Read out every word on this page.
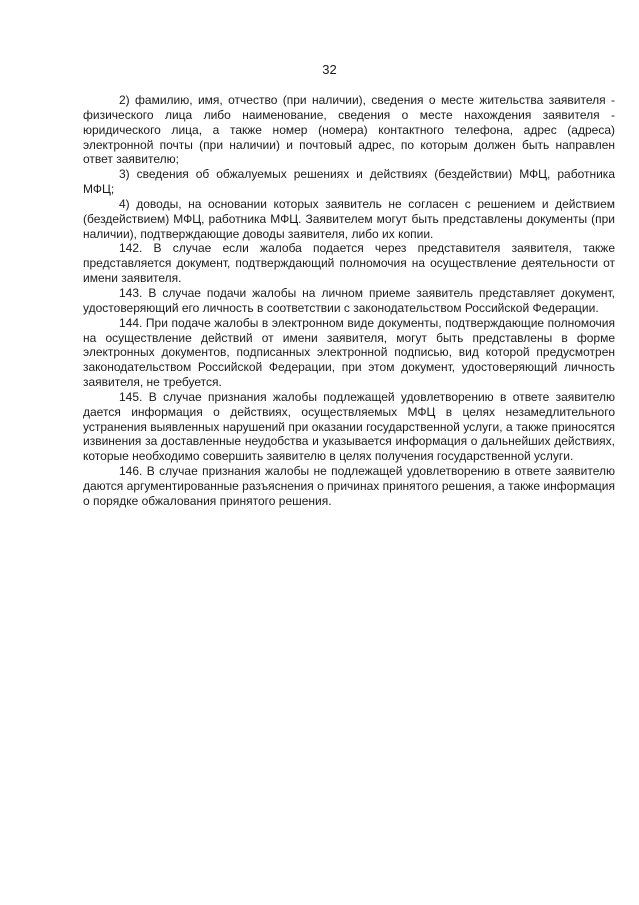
32

2) фамилию, имя, отчество (при наличии), сведения о месте жительства заявителя - физического лица либо наименование, сведения о месте нахождения заявителя - юридического лица, а также номер (номера) контактного телефона, адрес (адреса) электронной почты (при наличии) и почтовый адрес, по которым должен быть направлен ответ заявителю;

3) сведения об обжалуемых решениях и действиях (бездействии) МФЦ, работника МФЦ;

4) доводы, на основании которых заявитель не согласен с решением и действием (бездействием) МФЦ, работника МФЦ. Заявителем могут быть представлены документы (при наличии), подтверждающие доводы заявителя, либо их копии.

142. В случае если жалоба подается через представителя заявителя, также представляется документ, подтверждающий полномочия на осуществление деятельности от имени заявителя.

143. В случае подачи жалобы на личном приеме заявитель представляет документ, удостоверяющий его личность в соответствии с законодательством Российской Федерации.

144. При подаче жалобы в электронном виде документы, подтверждающие полномочия на осуществление действий от имени заявителя, могут быть представлены в форме электронных документов, подписанных электронной подписью, вид которой предусмотрен законодательством Российской Федерации, при этом документ, удостоверяющий личность заявителя, не требуется.

145. В случае признания жалобы подлежащей удовлетворению в ответе заявителю дается информация о действиях, осуществляемых МФЦ в целях незамедлительного устранения выявленных нарушений при оказании государственной услуги, а также приносятся извинения за доставленные неудобства и указывается информация о дальнейших действиях, которые необходимо совершить заявителю в целях получения государственной услуги.

146. В случае признания жалобы не подлежащей удовлетворению в ответе заявителю даются аргументированные разъяснения о причинах принятого решения, а также информация о порядке обжалования принятого решения.
